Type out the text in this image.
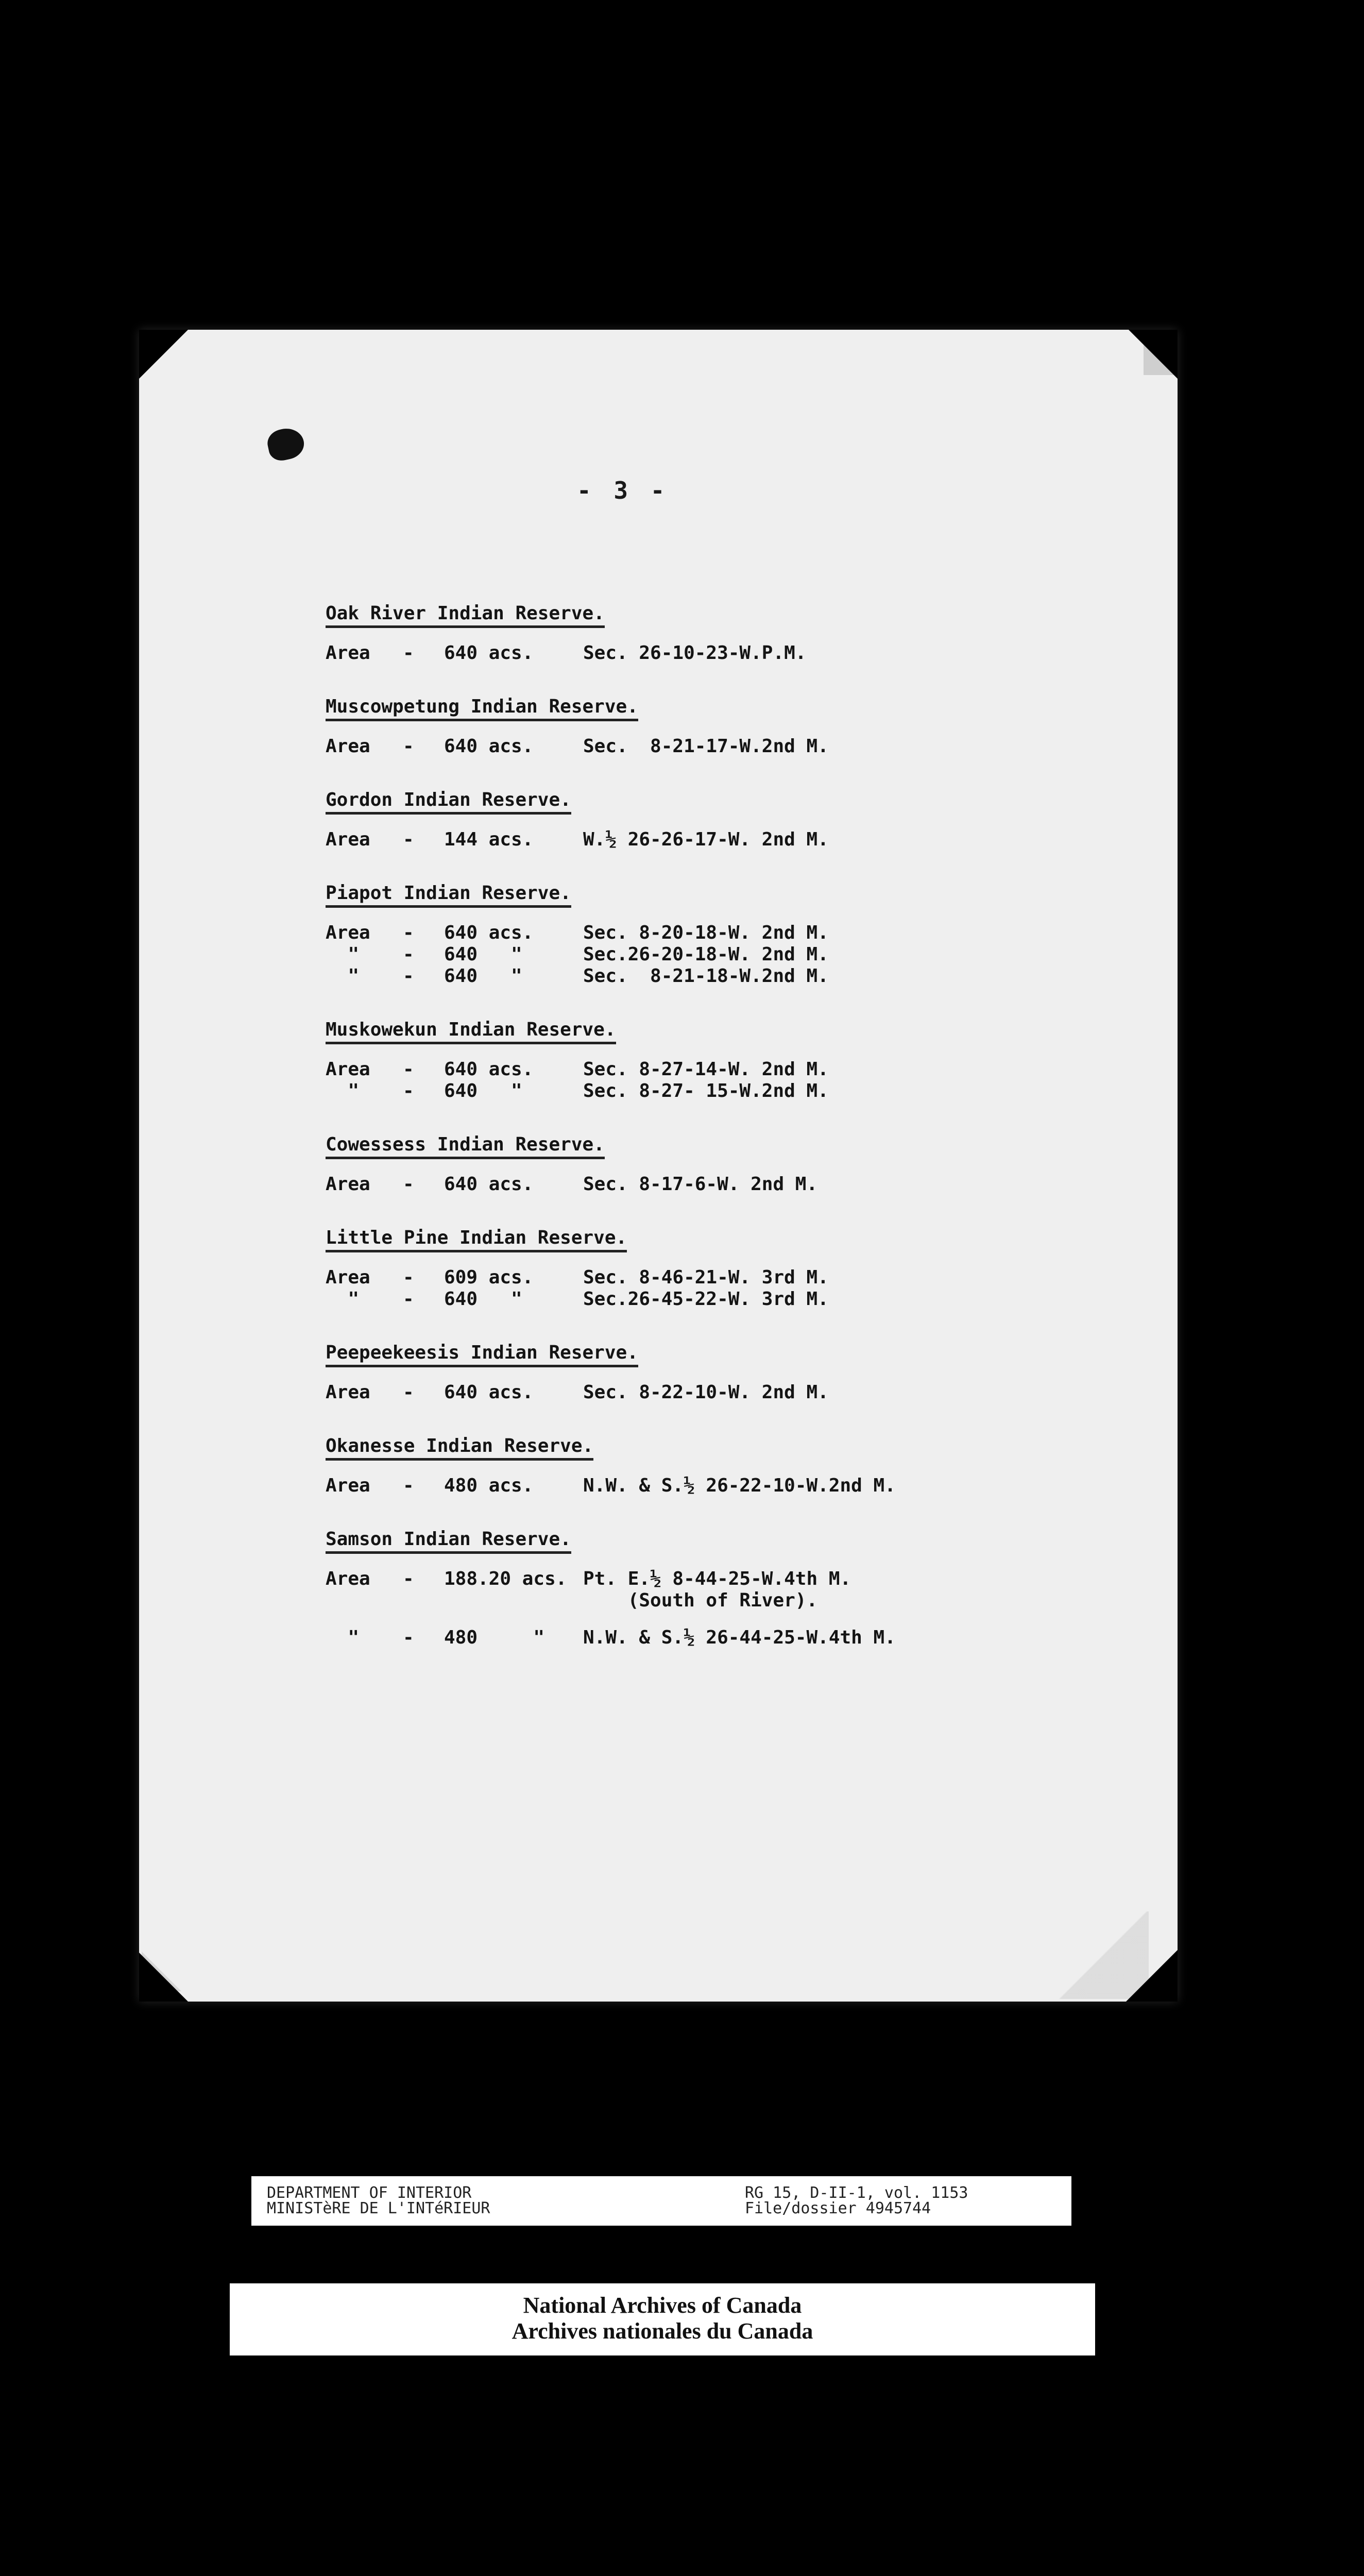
- 3 -
Oak River Indian Reserve.
Area	-	640 acs.	Sec. 26-10-23-W.P.M.
Muscowpetung Indian Reserve.
Area	-	640 acs.	Sec.  8-21-17-W.2nd M.
Gordon Indian Reserve.
Area	-	144 acs.	W.½ 26-26-17-W. 2nd M.
Piapot Indian Reserve.
Area	-	640 acs.	Sec. 8-20-18-W. 2nd M.
"	-	640   "	Sec.26-20-18-W. 2nd M.
"	-	640   "	Sec.  8-21-18-W.2nd M.
Muskowekun Indian Reserve.
Area	-	640 acs.	Sec. 8-27-14-W. 2nd M.
"	-	640   "	Sec. 8-27- 15-W.2nd M.
Cowessess Indian Reserve.
Area	-	640 acs.	Sec. 8-17-6-W. 2nd M.
Little Pine Indian Reserve.
Area	-	609 acs.	Sec. 8-46-21-W. 3rd M.
"	-	640   "	Sec.26-45-22-W. 3rd M.
Peepeekeesis Indian Reserve.
Area	-	640 acs.	Sec. 8-22-10-W. 2nd M.
Okanesse Indian Reserve.
Area	-	480 acs.	N.W. & S.½ 26-22-10-W.2nd M.
Samson Indian Reserve.
Area	-	188.20 acs. Pt. E.½ 8-44-25-W.4th M.
(South of River).
"	-	480     "	N.W. & S.½ 26-44-25-W.4th M.
DEPARTMENT OF INTERIOR
MINISTèRE DE L'INTéRIEUR
RG 15, D-II-1, vol. 1153
File/dossier 4945744
National Archives of Canada
Archives nationales du Canada
